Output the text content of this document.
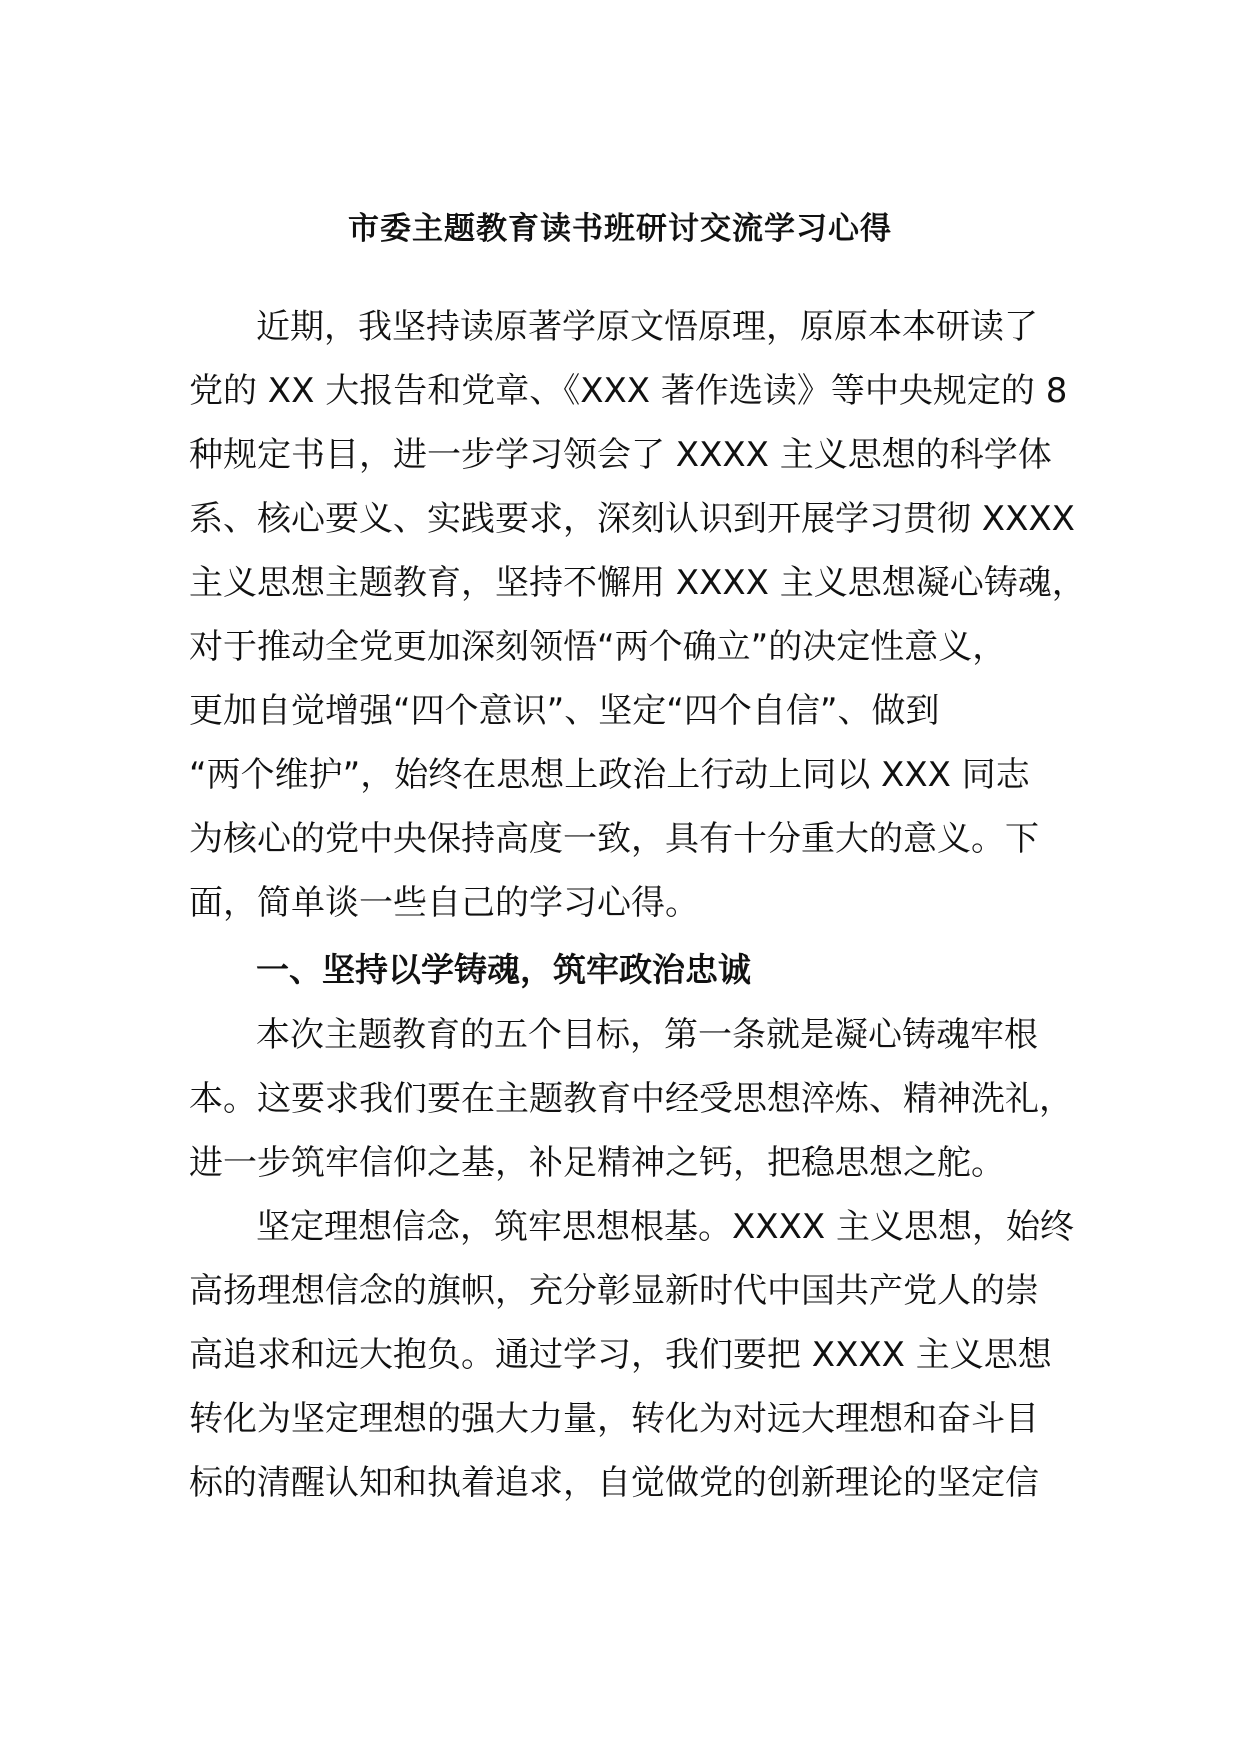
市委主题教育读书班研讨交流学习心得
近期，我坚持读原著学原文悟原理，原原本本研读了
党的 XX 大报告和党章、《XXX 著作选读》等中央规定的 8
种规定书目，进一步学习领会了 XXXX 主义思想的科学体
系、核心要义、实践要求，深刻认识到开展学习贯彻 XXXX
主义思想主题教育，坚持不懈用 XXXX 主义思想凝心铸魂，
对于推动全党更加深刻领悟“两个确立”的决定性意义，
更加自觉增强“四个意识”、坚定“四个自信”、做到
“两个维护”，始终在思想上政治上行动上同以 XXX 同志
为核心的党中央保持高度一致，具有十分重大的意义。下
面，简单谈一些自己的学习心得。
一、坚持以学铸魂，筑牢政治忠诚
本次主题教育的五个目标，第一条就是凝心铸魂牢根
本。这要求我们要在主题教育中经受思想淬炼、精神洗礼，
进一步筑牢信仰之基，补足精神之钙，把稳思想之舵。
坚定理想信念，筑牢思想根基。XXXX 主义思想，始终
高扬理想信念的旗帜，充分彰显新时代中国共产党人的崇
高追求和远大抱负。通过学习，我们要把 XXXX 主义思想
转化为坚定理想的强大力量，转化为对远大理想和奋斗目
标的清醒认知和执着追求，自觉做党的创新理论的坚定信
